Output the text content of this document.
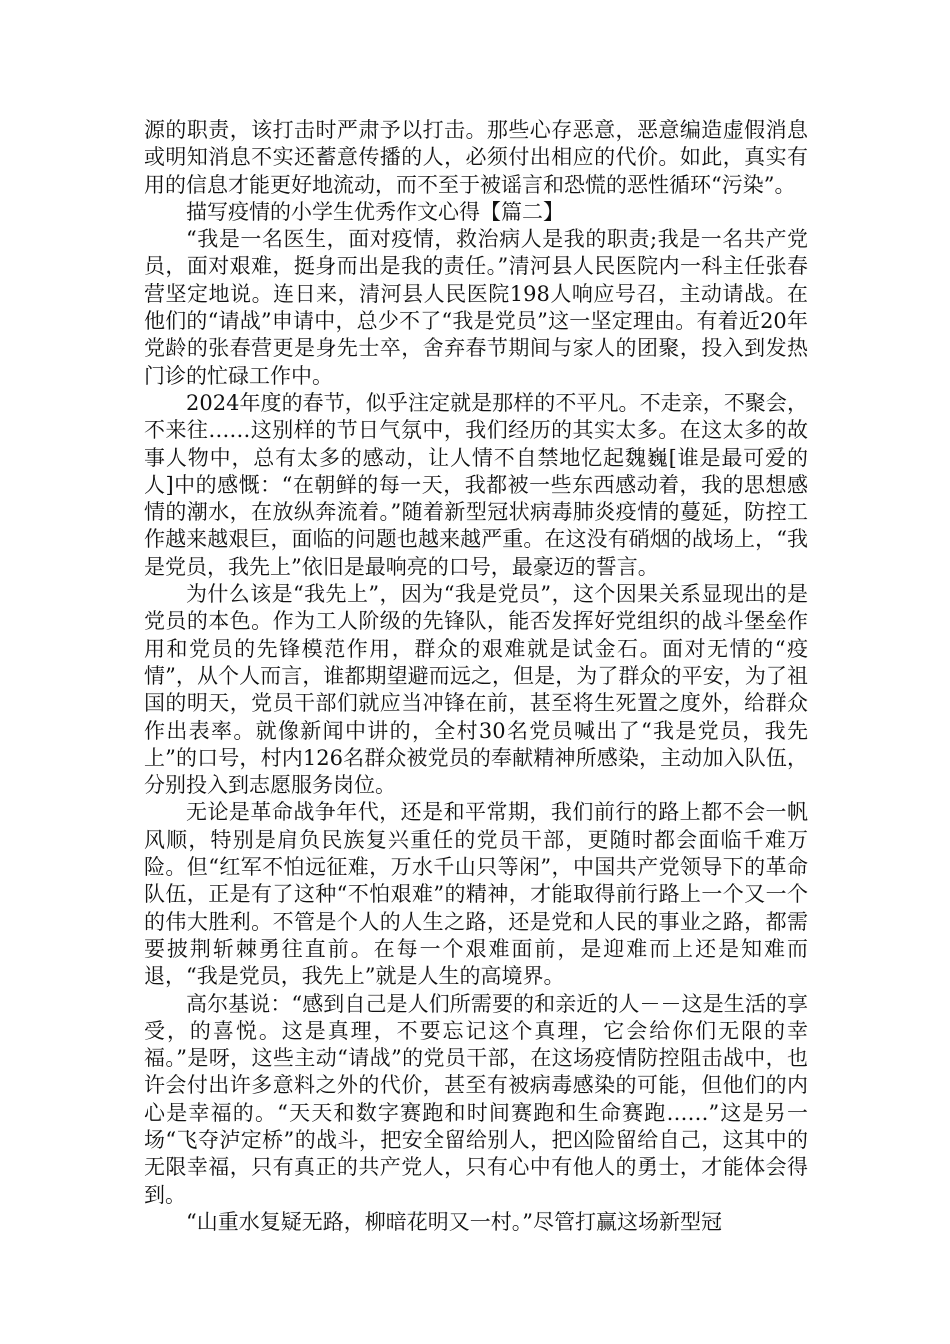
源的职责，该打击时严肃予以打击。那些心存恶意，恶意编造虚假消息或明知消息不实还蓄意传播的人，必须付出相应的代价。如此，真实有用的信息才能更好地流动，而不至于被谣言和恐慌的恶性循环“污染”。

描写疫情的小学生优秀作文心得【篇二】

“我是一名医生，面对疫情，救治病人是我的职责;我是一名共产党员，面对艰难，挺身而出是我的责任。”清河县人民医院内一科主任张春营坚定地说。连日来，清河县人民医院198人响应号召，主动请战。在他们的“请战”申请中，总少不了“我是党员”这一坚定理由。有着近20年党龄的张春营更是身先士卒，舍弃春节期间与家人的团聚，投入到发热门诊的忙碌工作中。

2024年度的春节，似乎注定就是那样的不平凡。不走亲，不聚会，不来往……这别样的节日气氛中，我们经历的其实太多。在这太多的故事人物中，总有太多的感动，让人情不自禁地忆起魏巍[谁是最可爱的人]中的感慨：“在朝鲜的每一天，我都被一些东西感动着，我的思想感情的潮水，在放纵奔流着。”随着新型冠状病毒肺炎疫情的蔓延，防控工作越来越艰巨，面临的问题也越来越严重。在这没有硝烟的战场上，“我是党员，我先上”依旧是最响亮的口号，最豪迈的誓言。

为什么该是“我先上”，因为“我是党员”，这个因果关系显现出的是党员的本色。作为工人阶级的先锋队，能否发挥好党组织的战斗堡垒作用和党员的先锋模范作用，群众的艰难就是试金石。面对无情的“疫情”，从个人而言，谁都期望避而远之，但是，为了群众的平安，为了祖国的明天，党员干部们就应当冲锋在前，甚至将生死置之度外，给群众作出表率。就像新闻中讲的，全村30名党员喊出了“我是党员，我先上”的口号，村内126名群众被党员的奉献精神所感染，主动加入队伍，分别投入到志愿服务岗位。

无论是革命战争年代，还是和平常期，我们前行的路上都不会一帆风顺，特别是肩负民族复兴重任的党员干部，更随时都会面临千难万险。但“红军不怕远征难，万水千山只等闲”，中国共产党领导下的革命队伍，正是有了这种“不怕艰难”的精神，才能取得前行路上一个又一个的伟大胜利。不管是个人的人生之路，还是党和人民的事业之路，都需要披荆斩棘勇往直前。在每一个艰难面前，是迎难而上还是知难而退，“我是党员，我先上”就是人生的高境界。

高尔基说：“感到自己是人们所需要的和亲近的人－－这是生活的享受，的喜悦。这是真理，不要忘记这个真理，它会给你们无限的幸福。”是呀，这些主动“请战”的党员干部，在这场疫情防控阻击战中，也许会付出许多意料之外的代价，甚至有被病毒感染的可能，但他们的内心是幸福的。“天天和数字赛跑和时间赛跑和生命赛跑……”这是另一场“飞夺泸定桥”的战斗，把安全留给别人，把凶险留给自己，这其中的无限幸福，只有真正的共产党人，只有心中有他人的勇士，才能体会得到。

“山重水复疑无路，柳暗花明又一村。”尽管打赢这场新型冠
